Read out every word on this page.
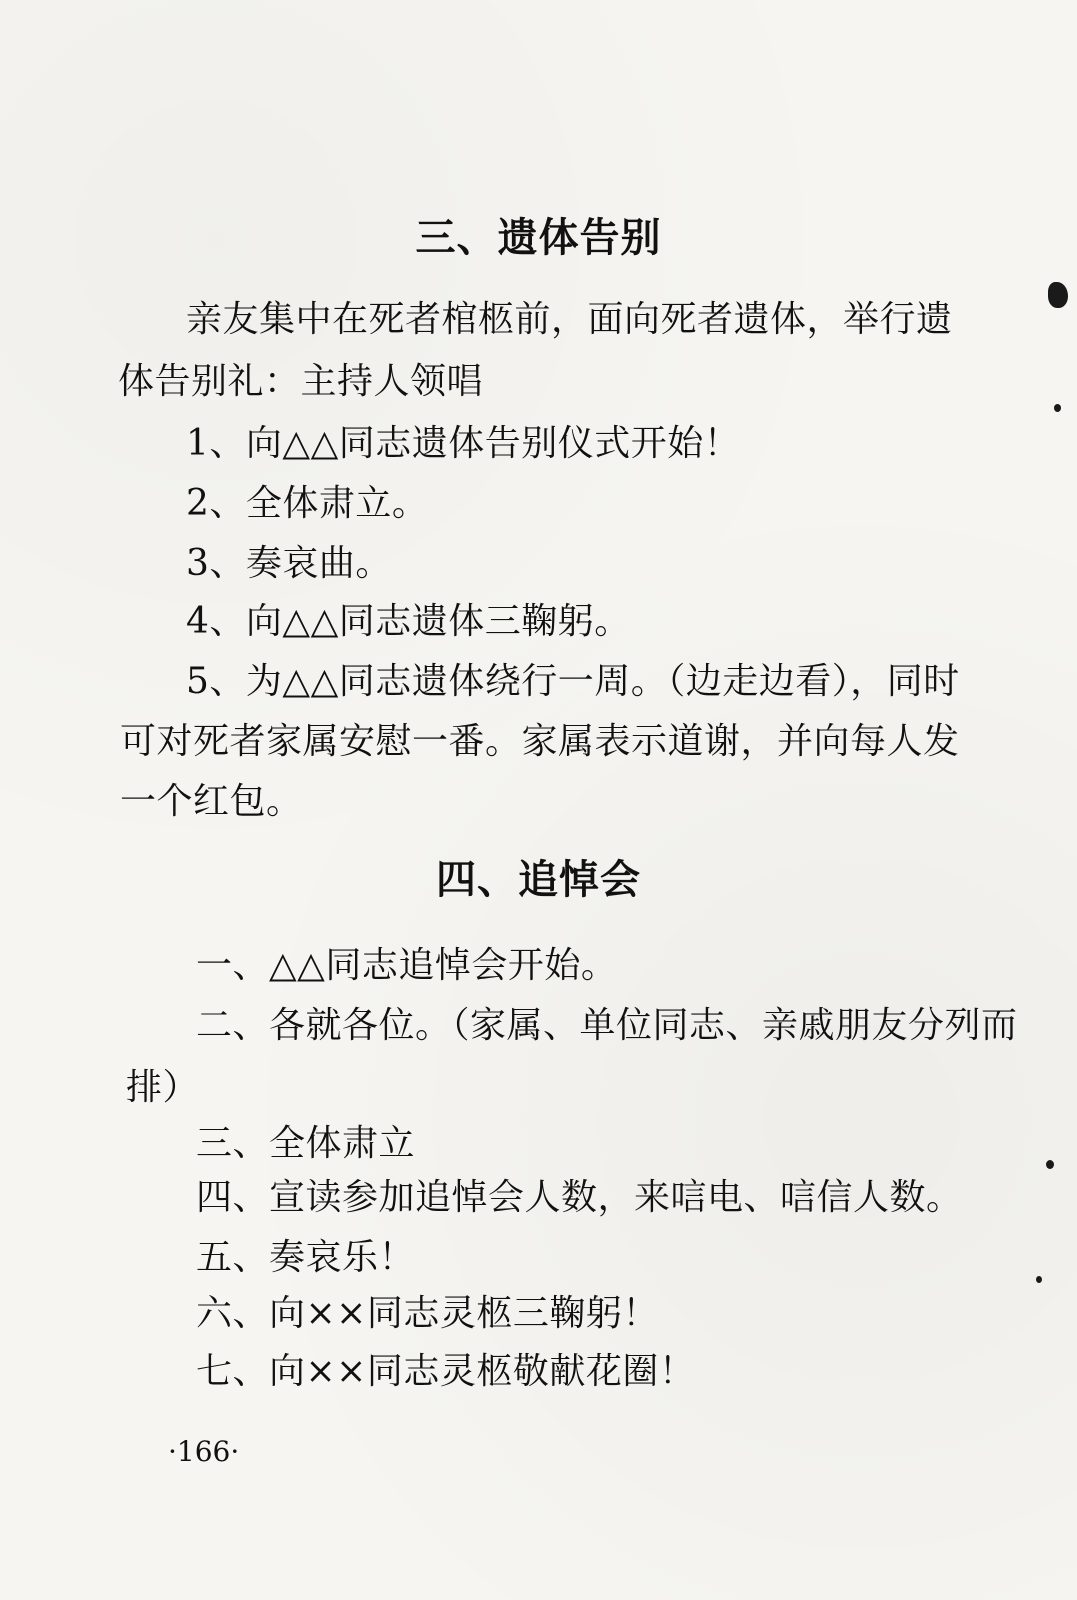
三、遗体告别
亲友集中在死者棺柩前，面向死者遗体，举行遗
体告别礼：主持人领唱
1、向△△同志遗体告别仪式开始！
2、全体肃立。
3、奏哀曲。
4、向△△同志遗体三鞠躬。
5、为△△同志遗体绕行一周。（边走边看），同时
可对死者家属安慰一番。家属表示道谢，并向每人发
一个红包。
四、追悼会
一、△△同志追悼会开始。
二、各就各位。（家属、单位同志、亲戚朋友分列而
排）
三、全体肃立
四、宣读参加追悼会人数，来唁电、唁信人数。
五、奏哀乐！
六、向××同志灵柩三鞠躬！
七、向××同志灵柩敬献花圈！
·166·
